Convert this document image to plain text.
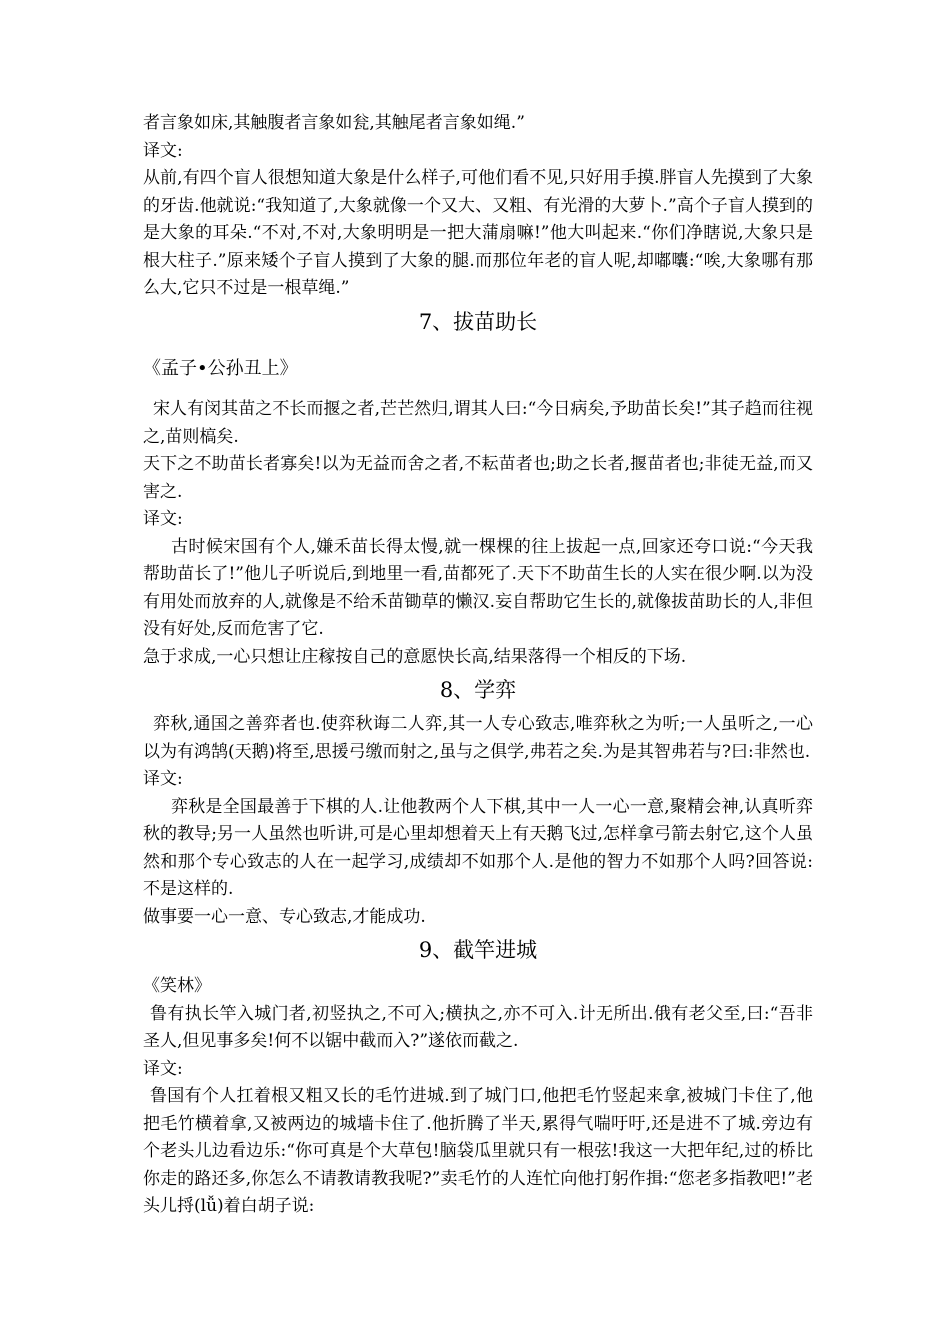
者言象如床,其触腹者言象如瓮,其触尾者言象如绳.”

译文:

从前,有四个盲人很想知道大象是什么样子,可他们看不见,只好用手摸.胖盲人先摸到了大象的牙齿.他就说:“我知道了,大象就像一个又大、又粗、有光滑的大萝卜.”高个子盲人摸到的是大象的耳朵.“不对,不对,大象明明是一把大蒲扇嘛!”他大叫起来.“你们净瞎说,大象只是根大柱子.”原来矮个子盲人摸到了大象的腿.而那位年老的盲人呢,却嘟囔:“唉,大象哪有那么大,它只不过是一根草绳.”

7、拔苗助长

《孟子•公孙丑上》

宋人有闵其苗之不长而揠之者,芒芒然归,谓其人曰:“今日病矣,予助苗长矣!”其子趋而往视之,苗则槁矣.

天下之不助苗长者寡矣!以为无益而舍之者,不耘苗者也;助之长者,揠苗者也;非徒无益,而又害之.

译文:

古时候宋国有个人,嫌禾苗长得太慢,就一棵棵的往上拔起一点,回家还夸口说:“今天我帮助苗长了!”他儿子听说后,到地里一看,苗都死了.天下不助苗生长的人实在很少啊.以为没有用处而放弃的人,就像是不给禾苗锄草的懒汉.妄自帮助它生长的,就像拔苗助长的人,非但没有好处,反而危害了它.

急于求成,一心只想让庄稼按自己的意愿快长高,结果落得一个相反的下场.

8、学弈

弈秋,通国之善弈者也.使弈秋诲二人弈,其一人专心致志,唯弈秋之为听;一人虽听之,一心以为有鸿鹄(天鹅)将至,思援弓缴而射之,虽与之俱学,弗若之矣.为是其智弗若与?曰:非然也.

译文:

弈秋是全国最善于下棋的人.让他教两个人下棋,其中一人一心一意,聚精会神,认真听弈秋的教导;另一人虽然也听讲,可是心里却想着天上有天鹅飞过,怎样拿弓箭去射它,这个人虽然和那个专心致志的人在一起学习,成绩却不如那个人.是他的智力不如那个人吗?回答说:不是这样的.

做事要一心一意、专心致志,才能成功.

9、截竿进城

《笑林》

鲁有执长竿入城门者,初竖执之,不可入;横执之,亦不可入.计无所出.俄有老父至,曰:“吾非圣人,但见事多矣!何不以锯中截而入?”遂依而截之.

译文:

鲁国有个人扛着根又粗又长的毛竹进城.到了城门口,他把毛竹竖起来拿,被城门卡住了,他把毛竹横着拿,又被两边的城墙卡住了.他折腾了半天,累得气喘吁吁,还是进不了城.旁边有个老头儿边看边乐:“你可真是个大草包!脑袋瓜里就只有一根弦!我这一大把年纪,过的桥比你走的路还多,你怎么不请教请教我呢?”卖毛竹的人连忙向他打躬作揖:“您老多指教吧!”老头儿捋(lǚ)着白胡子说:
